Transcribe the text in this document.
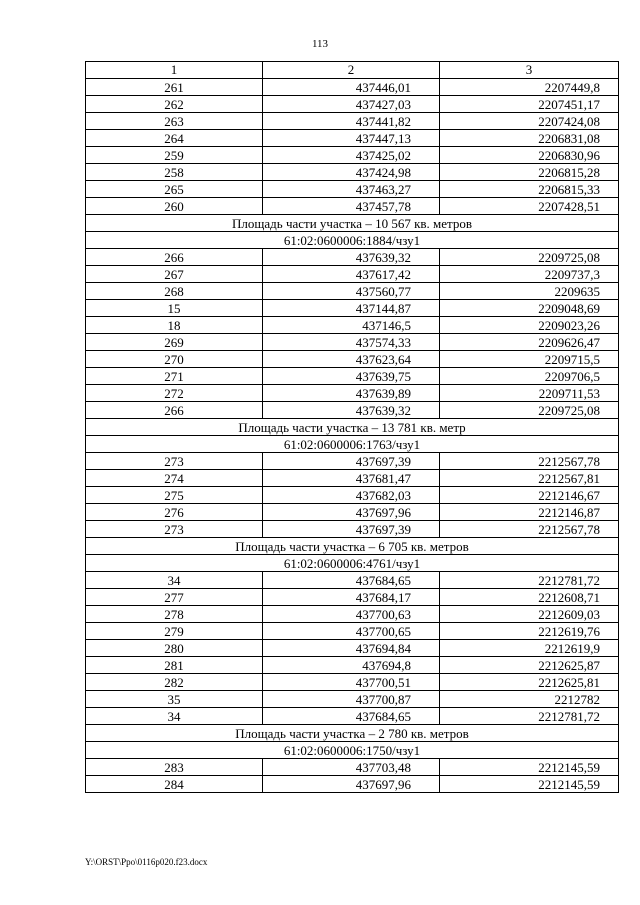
113
1	2	3
261	437446,01	2207449,8
262	437427,03	2207451,17
263	437441,82	2207424,08
264	437447,13	2206831,08
259	437425,02	2206830,96
258	437424,98	2206815,28
265	437463,27	2206815,33
260	437457,78	2207428,51
Площадь части участка – 10 567 кв. метров		
61:02:0600006:1884/чзу1		
266	437639,32	2209725,08
267	437617,42	2209737,3
268	437560,77	2209635
15	437144,87	2209048,69
18	437146,5	2209023,26
269	437574,33	2209626,47
270	437623,64	2209715,5
271	437639,75	2209706,5
272	437639,89	2209711,53
266	437639,32	2209725,08
Площадь части участка – 13 781 кв. метр		
61:02:0600006:1763/чзу1		
273	437697,39	2212567,78
274	437681,47	2212567,81
275	437682,03	2212146,67
276	437697,96	2212146,87
273	437697,39	2212567,78
Площадь части участка – 6 705 кв. метров		
61:02:0600006:4761/чзу1		
34	437684,65	2212781,72
277	437684,17	2212608,71
278	437700,63	2212609,03
279	437700,65	2212619,76
280	437694,84	2212619,9
281	437694,8	2212625,87
282	437700,51	2212625,81
35	437700,87	2212782
34	437684,65	2212781,72
Площадь части участка – 2 780 кв. метров		
61:02:0600006:1750/чзу1		
283	437703,48	2212145,59
284	437697,96	2212145,59
Y:\ORST\Ppo\0116p020.f23.docx
